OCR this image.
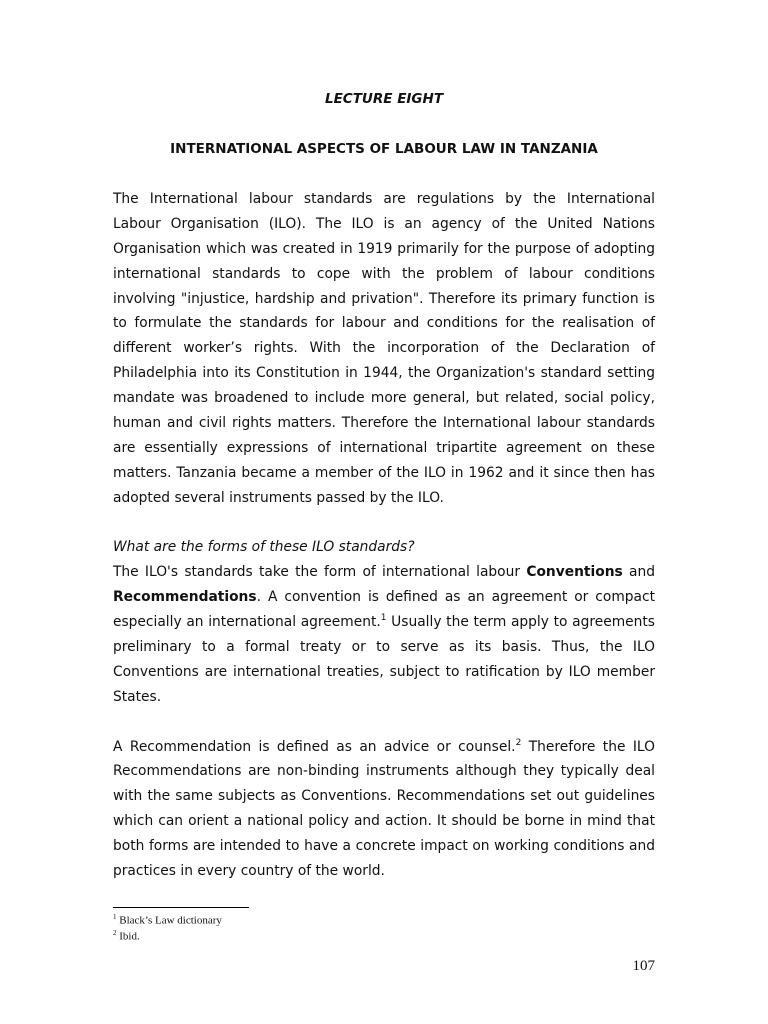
LECTURE EIGHT
INTERNATIONAL ASPECTS OF LABOUR LAW IN TANZANIA
The International labour standards are regulations by the International
Labour Organisation (ILO). The ILO is an agency of the United Nations
Organisation which was created in 1919 primarily for the purpose of adopting
international standards to cope with the problem of labour conditions
involving "injustice, hardship and privation". Therefore its primary function is
to formulate the standards for labour and conditions for the realisation of
different worker’s rights. With the incorporation of the Declaration of
Philadelphia into its Constitution in 1944, the Organization's standard setting
mandate was broadened to include more general, but related, social policy,
human and civil rights matters. Therefore the International labour standards
are essentially expressions of international tripartite agreement on these
matters. Tanzania became a member of the ILO in 1962 and it since then has
adopted several instruments passed by the ILO.
What are the forms of these ILO standards?
The ILO's standards take the form of international labour Conventions and
Recommendations. A convention is defined as an agreement or compact
especially an international agreement.$^1$ Usually the term apply to agreements
preliminary to a formal treaty or to serve as its basis. Thus, the ILO
Conventions are international treaties, subject to ratification by ILO member
States.
A Recommendation is defined as an advice or counsel.$^2$ Therefore the ILO
Recommendations are non-binding instruments although they typically deal
with the same subjects as Conventions. Recommendations set out guidelines
which can orient a national policy and action. It should be borne in mind that
both forms are intended to have a concrete impact on working conditions and
practices in every country of the world.
$^1$ Black’s Law dictionary
$^2$ Ibid.
107
